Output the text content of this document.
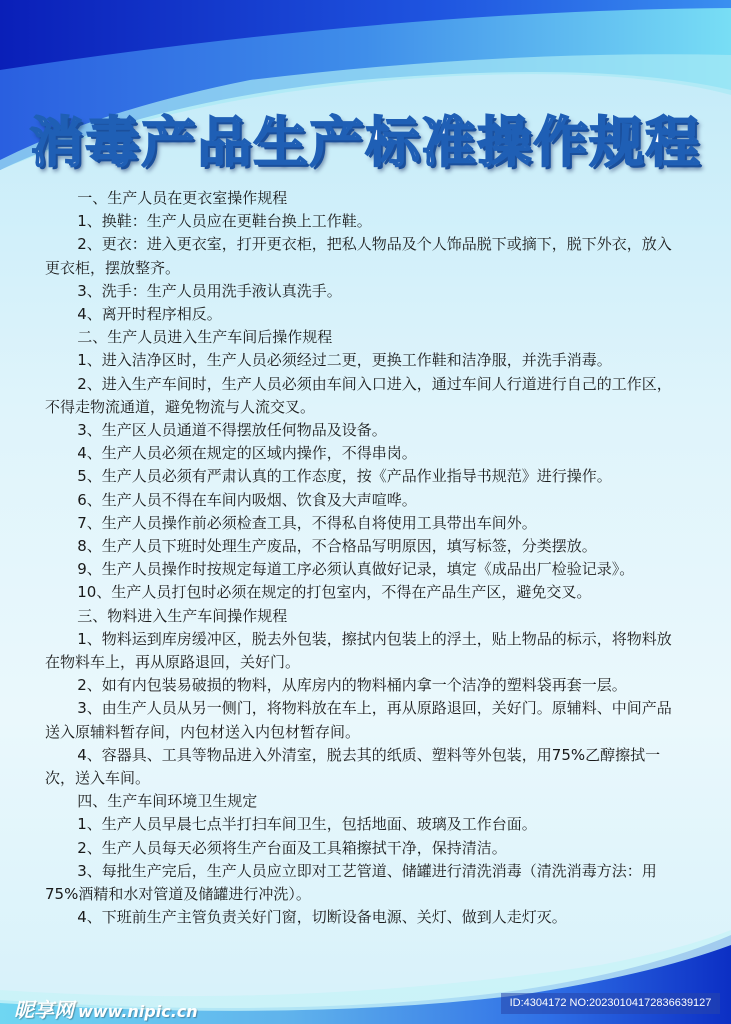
消毒产品生产标准操作规程

一、生产人员在更衣室操作规程

1、换鞋：生产人员应在更鞋台换上工作鞋。

2、更衣：进入更衣室，打开更衣柜，把私人物品及个人饰品脱下或摘下，脱下外衣，放入更衣柜，摆放整齐。

3、洗手：生产人员用洗手液认真洗手。

4、离开时程序相反。

二、生产人员进入生产车间后操作规程

1、进入洁净区时，生产人员必须经过二更，更换工作鞋和洁净服，并洗手消毒。

2、进入生产车间时，生产人员必须由车间入口进入，通过车间人行道进行自己的工作区，不得走物流通道，避免物流与人流交叉。

3、生产区人员通道不得摆放任何物品及设备。

4、生产人员必须在规定的区域内操作，不得串岗。

5、生产人员必须有严肃认真的工作态度，按《产品作业指导书规范》进行操作。

6、生产人员不得在车间内吸烟、饮食及大声喧哗。

7、生产人员操作前必须检查工具，不得私自将使用工具带出车间外。

8、生产人员下班时处理生产废品，不合格品写明原因，填写标签，分类摆放。

9、生产人员操作时按规定每道工序必须认真做好记录，填定《成品出厂检验记录》。

10、生产人员打包时必须在规定的打包室内，不得在产品生产区，避免交叉。

三、物料进入生产车间操作规程

1、物料运到库房缓冲区，脱去外包装，擦拭内包装上的浮土，贴上物品的标示，将物料放在物料车上，再从原路退回，关好门。

2、如有内包装易破损的物料，从库房内的物料桶内拿一个洁净的塑料袋再套一层。

3、由生产人员从另一侧门，将物料放在车上，再从原路退回，关好门。原辅料、中间产品送入原辅料暂存间，内包材送入内包材暂存间。

4、容器具、工具等物品进入外清室，脱去其的纸质、塑料等外包装，用75%乙醇擦拭一次，送入车间。

四、生产车间环境卫生规定

1、生产人员早晨七点半打扫车间卫生，包括地面、玻璃及工作台面。

2、生产人员每天必须将生产台面及工具箱擦拭干净，保持清洁。

3、每批生产完后，生产人员应立即对工艺管道、储罐进行清洗消毒（清洗消毒方法：用75%酒精和水对管道及储罐进行冲洗）。

4、下班前生产主管负责关好门窗，切断设备电源、关灯、做到人走灯灭。

昵享网 www.nipic.cn	ID:4304172 NO:20230104172836639127
